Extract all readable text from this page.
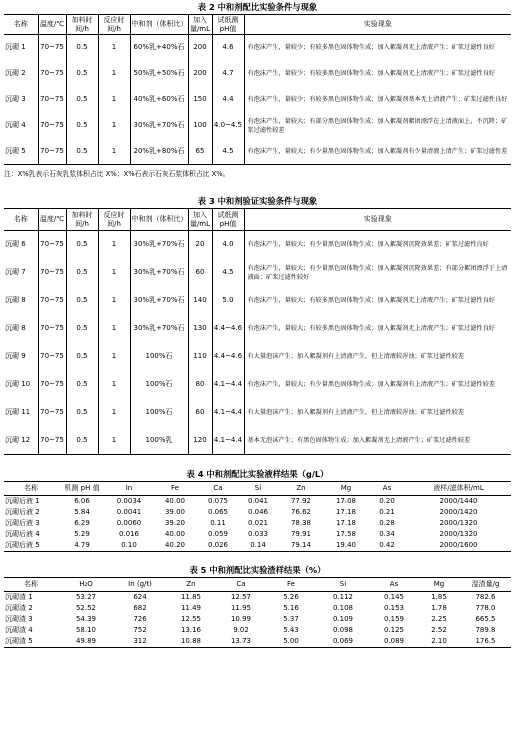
表 2 中和剂配比实验条件与现象
名称	温度/℃	加料时间/h	反应时间/h	中和剂（体积比）	加入量/mL	试纸测pH值	实验现象
沉砌 1	70~75	0.5	1	60%乳+40%石	200	4.6	有泡沫产生，量较少；有较多黑色固体物生成；加入絮凝剂无上清液产生；矿浆过滤性良好
沉砌 2	70~75	0.5	1	50%乳+50%石	200	4.7	有泡沫产生，量较少；有较多黑色固体物生成；加入絮凝剂无上清液产生；矿浆过滤性良好
沉砌 3	70~75	0.5	1	40%乳+60%石	150	4.4	有泡沫产生，量较少；有较多黑色固体物生成；加入絮凝剂基本无上清液产生；矿浆过滤性良好
沉砌 4	70~75	0.5	1	30%乳+70%石	100	4.0~4.5	有泡沫产生，量较大；有部分黑色固体物生成；加入絮凝剂絮团漂浮在上清液面上，不沉降；矿浆过滤性较差
沉砌 5	70~75	0.5	1	20%乳+80%石	65	4.5	有泡沫产生，量较大；有少量黑色固体物生成；加入絮凝剂有少量清液上清产生；矿浆过滤性差
注：X%乳表示石灰乳浆体积占比 X%；X%石表示石灰石浆体积占比 X%。
表 3 中和剂验证实验条件与现象
名称	温度/℃	加料时间/h	反应时间/h	中和剂（体积比）	加入量/mL	试纸测pH值	实验现象
沉砌 6	70~75	0.5	1	30%乳+70%石	20	4.0	有泡沫产生，量较大；有少量黑色固体物生成；加入絮凝剂沉降效果差；矿浆过滤性良好
沉砌 7	70~75	0.5	1	30%乳+70%石	60	4.5	有泡沫产生，量较大；有少量黑色固体物生成；加入絮凝剂沉降效果差；有部分絮团漂浮于上清液面；矿浆过滤性较好
沉砌 8	70~75	0.5	1	30%乳+70%石	140	5.0	有泡沫产生，量较大；有较多黑色固体物生成；加入絮凝剂无上清液产生；矿浆过滤性良好
沉砌 8	70~75	0.5	1	30%乳+70%石	130	4.4~4.6	有泡沫产生，量较大；有较多黑色固体物生成；加入絮凝剂无上清液产生；矿浆过滤性良好
沉砌 9	70~75	0.5	1	100%石	110	4.4~4.6	有大量泡沫产生；加入絮凝剂有上清液产生，但上清液较浑浊；矿浆过滤性较差
沉砌 10	70~75	0.5	1	100%石	80	4.1~4.4	有泡沫产生，量较大；有少量黑色固体物生成；加入絮凝剂有上清液产生；矿浆过滤性较差
沉砌 11	70~75	0.5	1	100%石	60	4.1~4.4	有大量泡沫产生；加入絮凝剂有上清液产生，但上清液较浑浊；矿浆过滤性较差
沉砌 12	70~75	0.5	1	100%乳	120	4.1~4.4	基本无泡沫产生；有黑色固体物生成；加入絮凝剂无上清液产生；矿浆过滤性较差
表 4 中和剂配比实验液样结果（g/L）
名称	机测 pH 值	In	Fe	Ca	Si	Zn	Mg	As	液样/滤体积/mL
沉砌后液 1	6.06	0.0034	40.00	0.075	0.041	77.92	17.08	0.20	2000/1440
沉砌后液 2	5.84	0.0041	39.00	0.065	0.046	76.62	17.18	0.21	2000/1420
沉砌后液 3	6.29	0.0060	39.20	0.11	0.021	78.38	17.18	0.28	2000/1320
沉砌后液 4	5.29	0.016	40.00	0.059	0.033	79.91	17.58	0.34	2000/1320
沉砌后液 5	4.79	0.10	40.20	0.026	0.14	79.14	19.40	0.42	2000/1600
表 5 中和剂配比实验渣样结果（%）
名称	H₂O	In (g/t)	Zn	Ca	Fe	Si	As	Mg	湿渣量/g
沉砌渣 1	53.27	624	11.85	12.57	5.26	0.112	0.145	1.85	782.6
沉砌渣 2	52.52	682	11.49	11.95	5.16	0.108	0.153	1.78	778.0
沉砌渣 3	54.39	726	12.55	10.99	5.37	0.109	0.159	2.25	665.5
沉砌渣 4	58.10	752	13.16	9.02	5.43	0.098	0.125	2.52	789.8
沉砌渣 5	49.89	312	10.88	13.73	5.00	0.069	0.089	2.10	176.5
